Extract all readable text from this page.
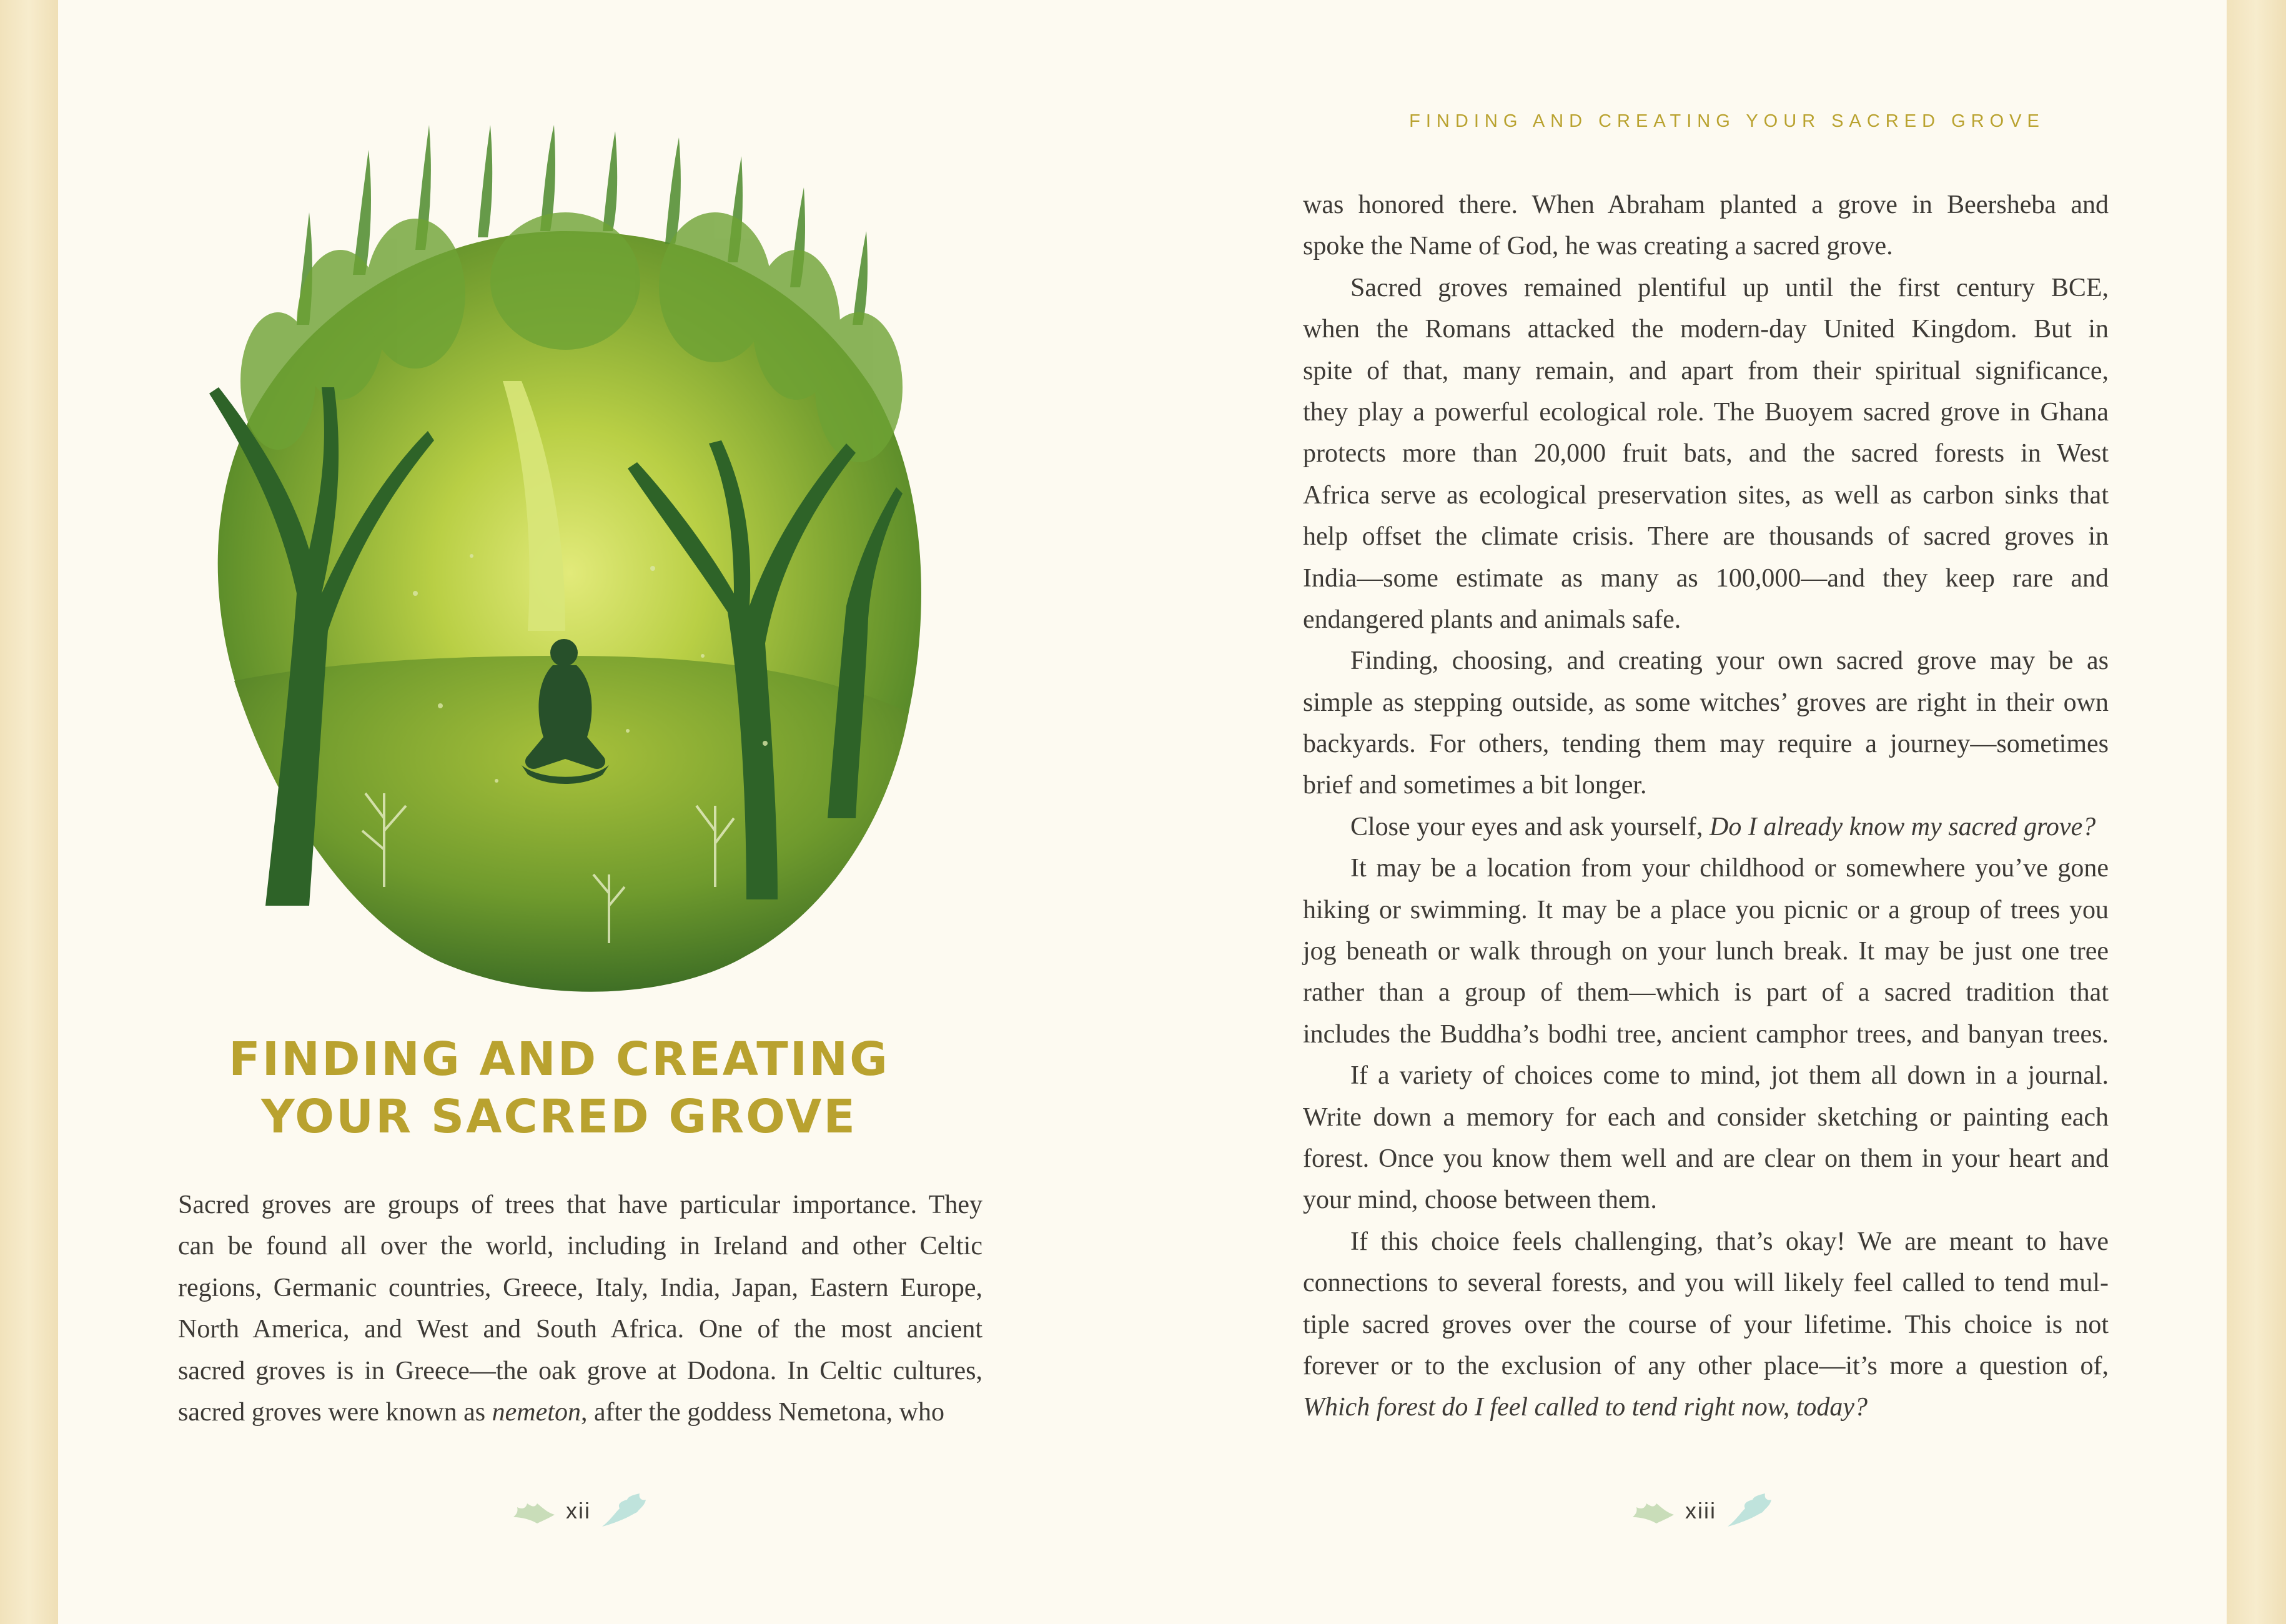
FINDING AND CREATING
YOUR SACRED GROVE
Sacred groves are groups of trees that have particular importance. They
can be found all over the world, including in Ireland and other Celtic
regions, Germanic countries, Greece, Italy, India, Japan, Eastern Europe,
North America, and West and South Africa. One of the most ancient
sacred groves is in Greece—the oak grove at Dodona. In Celtic cultures,
sacred groves were known as nemeton, after the goddess Nemetona, who
xii
FINDING AND CREATING YOUR SACRED GROVE
was honored there. When Abraham planted a grove in Beersheba and
spoke the Name of God, he was creating a sacred grove.
Sacred groves remained plentiful up until the first century BCE,
when the Romans attacked the modern-day United Kingdom. But in
spite of that, many remain, and apart from their spiritual significance,
they play a powerful ecological role. The Buoyem sacred grove in Ghana
protects more than 20,000 fruit bats, and the sacred forests in West
Africa serve as ecological preservation sites, as well as carbon sinks that
help offset the climate crisis. There are thousands of sacred groves in
India—some estimate as many as 100,000—and they keep rare and
endangered plants and animals safe.
Finding, choosing, and creating your own sacred grove may be as
simple as stepping outside, as some witches’ groves are right in their own
backyards. For others, tending them may require a journey—sometimes
brief and sometimes a bit longer.
Close your eyes and ask yourself, Do I already know my sacred grove?
It may be a location from your childhood or somewhere you’ve gone
hiking or swimming. It may be a place you picnic or a group of trees you
jog beneath or walk through on your lunch break. It may be just one tree
rather than a group of them—which is part of a sacred tradition that
includes the Buddha’s bodhi tree, ancient camphor trees, and banyan trees.
If a variety of choices come to mind, jot them all down in a journal.
Write down a memory for each and consider sketching or painting each
forest. Once you know them well and are clear on them in your heart and
your mind, choose between them.
If this choice feels challenging, that’s okay! We are meant to have
connections to several forests, and you will likely feel called to tend mul-
tiple sacred groves over the course of your lifetime. This choice is not
forever or to the exclusion of any other place—it’s more a question of,
Which forest do I feel called to tend right now, today?
xiii
